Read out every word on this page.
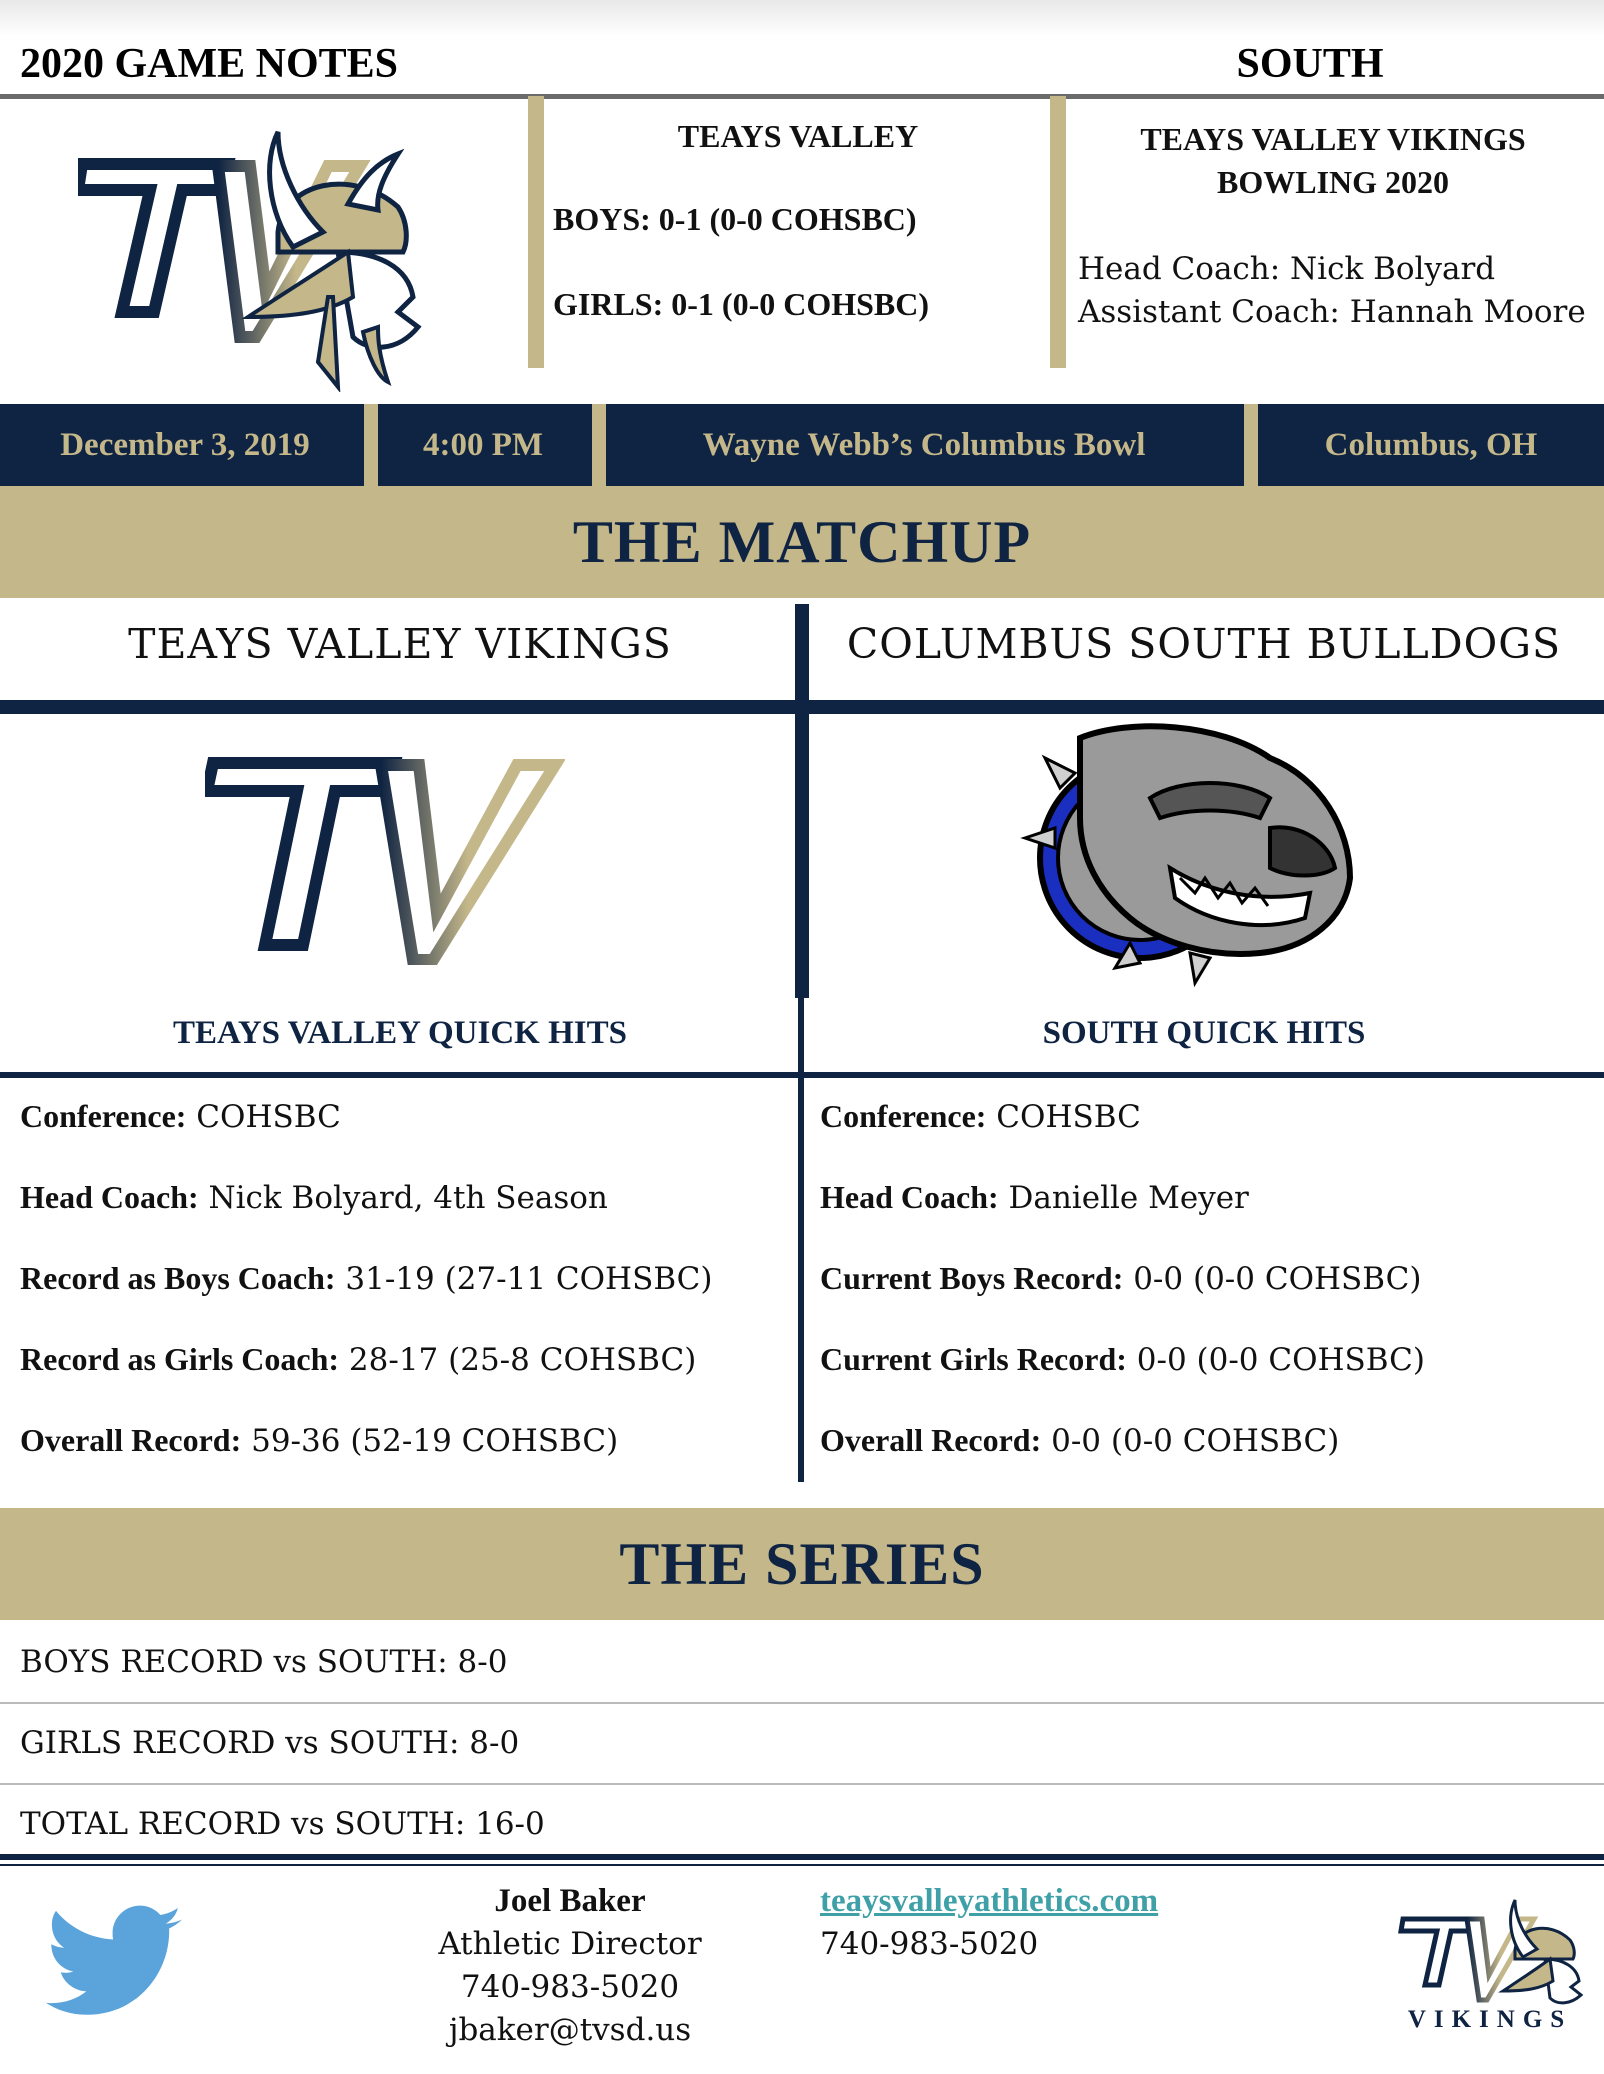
2020 GAME NOTES	SOUTH
TEAYS VALLEY
BOYS: 0-1 (0-0 COHSBC)
GIRLS: 0-1 (0-0 COHSBC)
TEAYS VALLEY VIKINGS
BOWLING 2020
Head Coach: Nick Bolyard
Assistant Coach: Hannah Moore
December 3, 2019	4:00 PM	Wayne Webb’s Columbus Bowl	Columbus, OH
THE MATCHUP
TEAYS VALLEY VIKINGS	COLUMBUS SOUTH BULLDOGS
TEAYS VALLEY QUICK HITS	SOUTH QUICK HITS
Conference: COHSBC
Head Coach: Nick Bolyard, 4th Season
Record as Boys Coach: 31-19 (27-11 COHSBC)
Record as Girls Coach: 28-17 (25-8 COHSBC)
Overall Record: 59-36 (52-19 COHSBC)
Conference: COHSBC
Head Coach: Danielle Meyer
Current Boys Record: 0-0 (0-0 COHSBC)
Current Girls Record: 0-0 (0-0 COHSBC)
Overall Record: 0-0 (0-0 COHSBC)
THE SERIES
BOYS RECORD vs SOUTH: 8-0
GIRLS RECORD vs SOUTH: 8-0
TOTAL RECORD vs SOUTH: 16-0
Joel Baker
Athletic Director
740-983-5020
jbaker@tvsd.us
teaysvalleyathletics.com
740-983-5020
VIKINGS
